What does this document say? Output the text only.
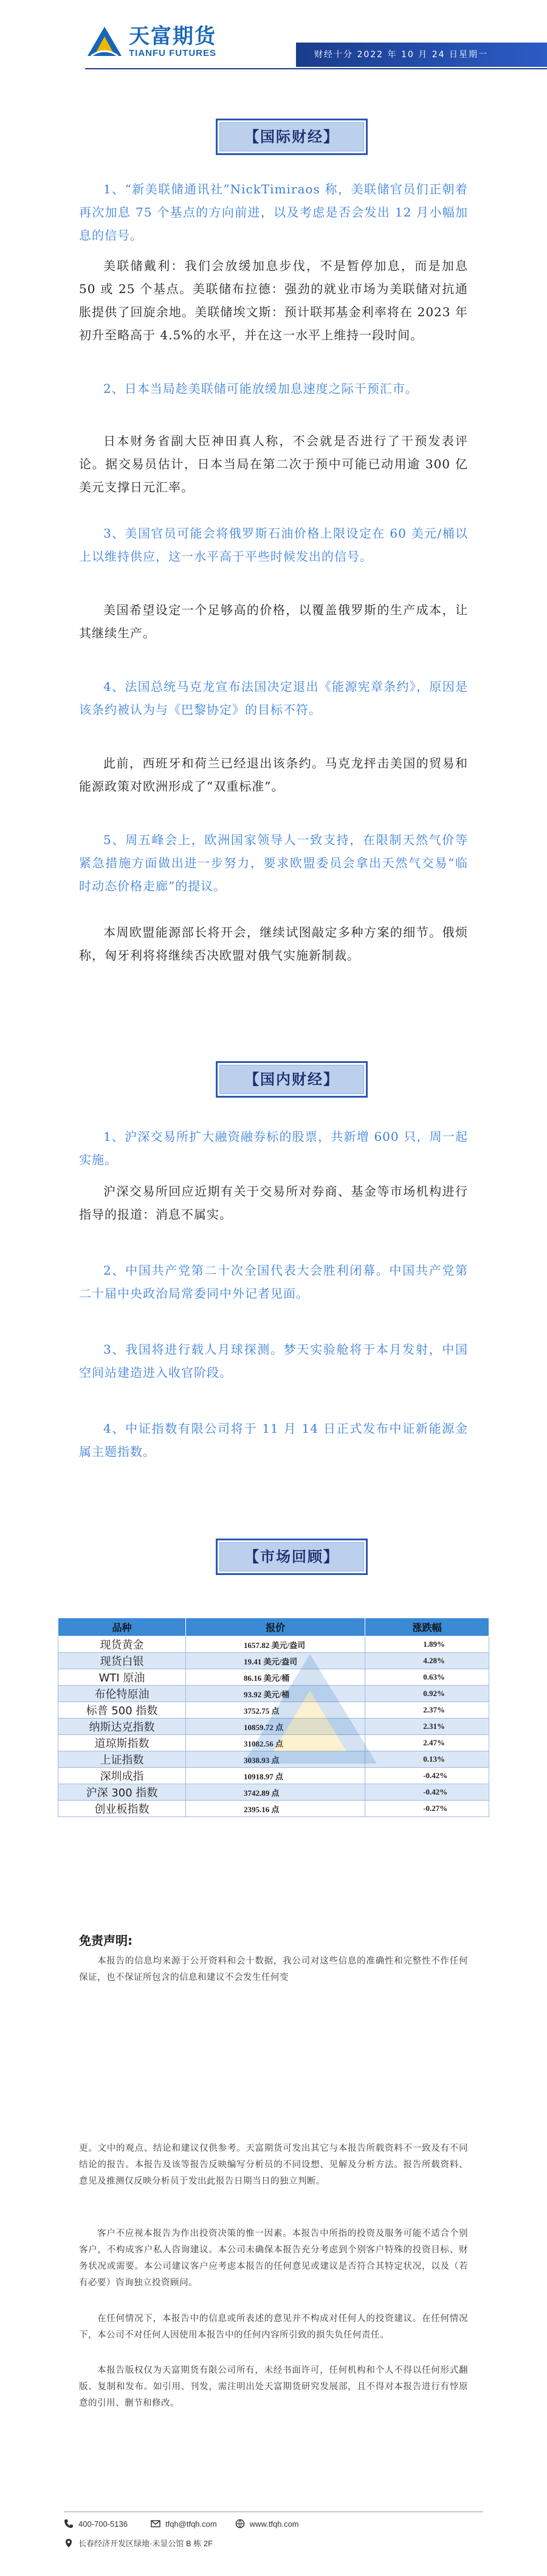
天富期货
TIANFU FUTURES	财经十分 2022 年 10 月 24 日星期一
【国际财经】
1、“新美联储通讯社”NickTimiraos 称，美联储官员们正朝着再次加息 75 个基点的方向前进，以及考虑是否会发出 12 月小幅加息的信号。
美联储戴利：我们会放缓加息步伐，不是暂停加息，而是加息 50 或 25 个基点。美联储布拉德：强劲的就业市场为美联储对抗通胀提供了回旋余地。美联储埃文斯：预计联邦基金利率将在 2023 年初升至略高于 4.5%的水平，并在这一水平上维持一段时间。
2、日本当局趁美联储可能放缓加息速度之际干预汇市。
日本财务省副大臣神田真人称，不会就是否进行了干预发表评论。据交易员估计，日本当局在第二次于预中可能已动用逾 300 亿美元支撑日元汇率。
3、美国官员可能会将俄罗斯石油价格上限设定在 60 美元/桶以上以维持供应，这一水平高于平些时候发出的信号。
美国希望设定一个足够高的价格，以覆盖俄罗斯的生产成本，让其继续生产。
4、法国总统马克龙宣布法国决定退出《能源宪章条约》，原因是该条约被认为与《巴黎协定》的目标不符。
此前，西班牙和荷兰已经退出该条约。马克龙抨击美国的贸易和能源政策对欧洲形成了“双重标准”。
5、周五峰会上，欧洲国家领导人一致支持，在限制天然气价等紧急措施方面做出进一步努力，要求欧盟委员会拿出天然气交易“临时动态价格走廊”的提议。
本周欧盟能源部长将开会，继续试图敲定多种方案的细节。俄烦称，匈牙利将将继续否决欧盟对俄气实施新制裁。
【国内财经】
1、沪深交易所扩大融资融券标的股票，共新增 600 只，周一起实施。
沪深交易所回应近期有关于交易所对券商、基金等市场机构进行指导的报道：消息不属实。
2、中国共产党第二十次全国代表大会胜利闭幕。中国共产党第二十届中央政治局常委同中外记者见面。
3、我国将进行载人月球探测。梦天实验舱将于本月发射，中国空间站建造进入收官阶段。
4、中证指数有限公司将于 11 月 14 日正式发布中证新能源金属主题指数。
【市场回顾】
品种	报价	涨跌幅
现货黄金	1657.82 美元/盎司	1.89%
现货白银	19.41 美元/盎司	4.28%
WTI 原油	86.16 美元/桶	0.63%
布伦特原油	93.92 美元/桶	0.92%
标普 500 指数	3752.75 点	2.37%
纳斯达克指数	10859.72 点	2.31%
道琼斯指数	31082.56 点	2.47%
上证指数	3038.93 点	0.13%
深圳成指	10918.97 点	-0.42%
沪深 300 指数	3742.89 点	-0.42%
创业板指数	2395.16 点	-0.27%
免责声明:
本报告的信息均来源于公开资料和会十数据，我公司对这些信息的准确性和完整性不作任何保证，也不保证所包含的信息和建议不会发生任何变
更。文中的观点、结论和建议仅供参考。天富期货可发出其它与本报告所载资料不一致及有不同结论的报告。本报告及该等报告反映编写分析员的不同设想、见解及分析方法。报告所载资料、意见及推测仅反映分析员于发出此报告日期当日的独立判断。
客户不应视本报告为作出投资决策的惟一因素。本报告中所指的投资及服务可能不适合个别客户，不构成客户私人咨询建议。本公司未确保本报告充分考虑到个别客户特殊的投资目标、财务状况或需要。本公司建议客户应考虑本报告的任何意见或建议是否符合其特定状况，以及（若有必要）咨询独立投资顾问。
在任何情况下，本报告中的信息或所表述的意见并不构成对任何人的投资建议。在任何情况下，本公司不对任何人因使用本报告中的任何内容所引致的损失负任何责任。
本报告版权仅为天富期货有限公司所有，未经书面许可，任何机构和个人不得以任何形式翻版、复制和发布。如引用、刊发，需注明出处天富期货研究发展部，且不得对本报告进行有悖原意的引用、删节和修改。
400-700-5136	tfqh@tfqh.com	www.tfqh.com
长春经济开发区绿地·未显公馆 B 栋 2F
